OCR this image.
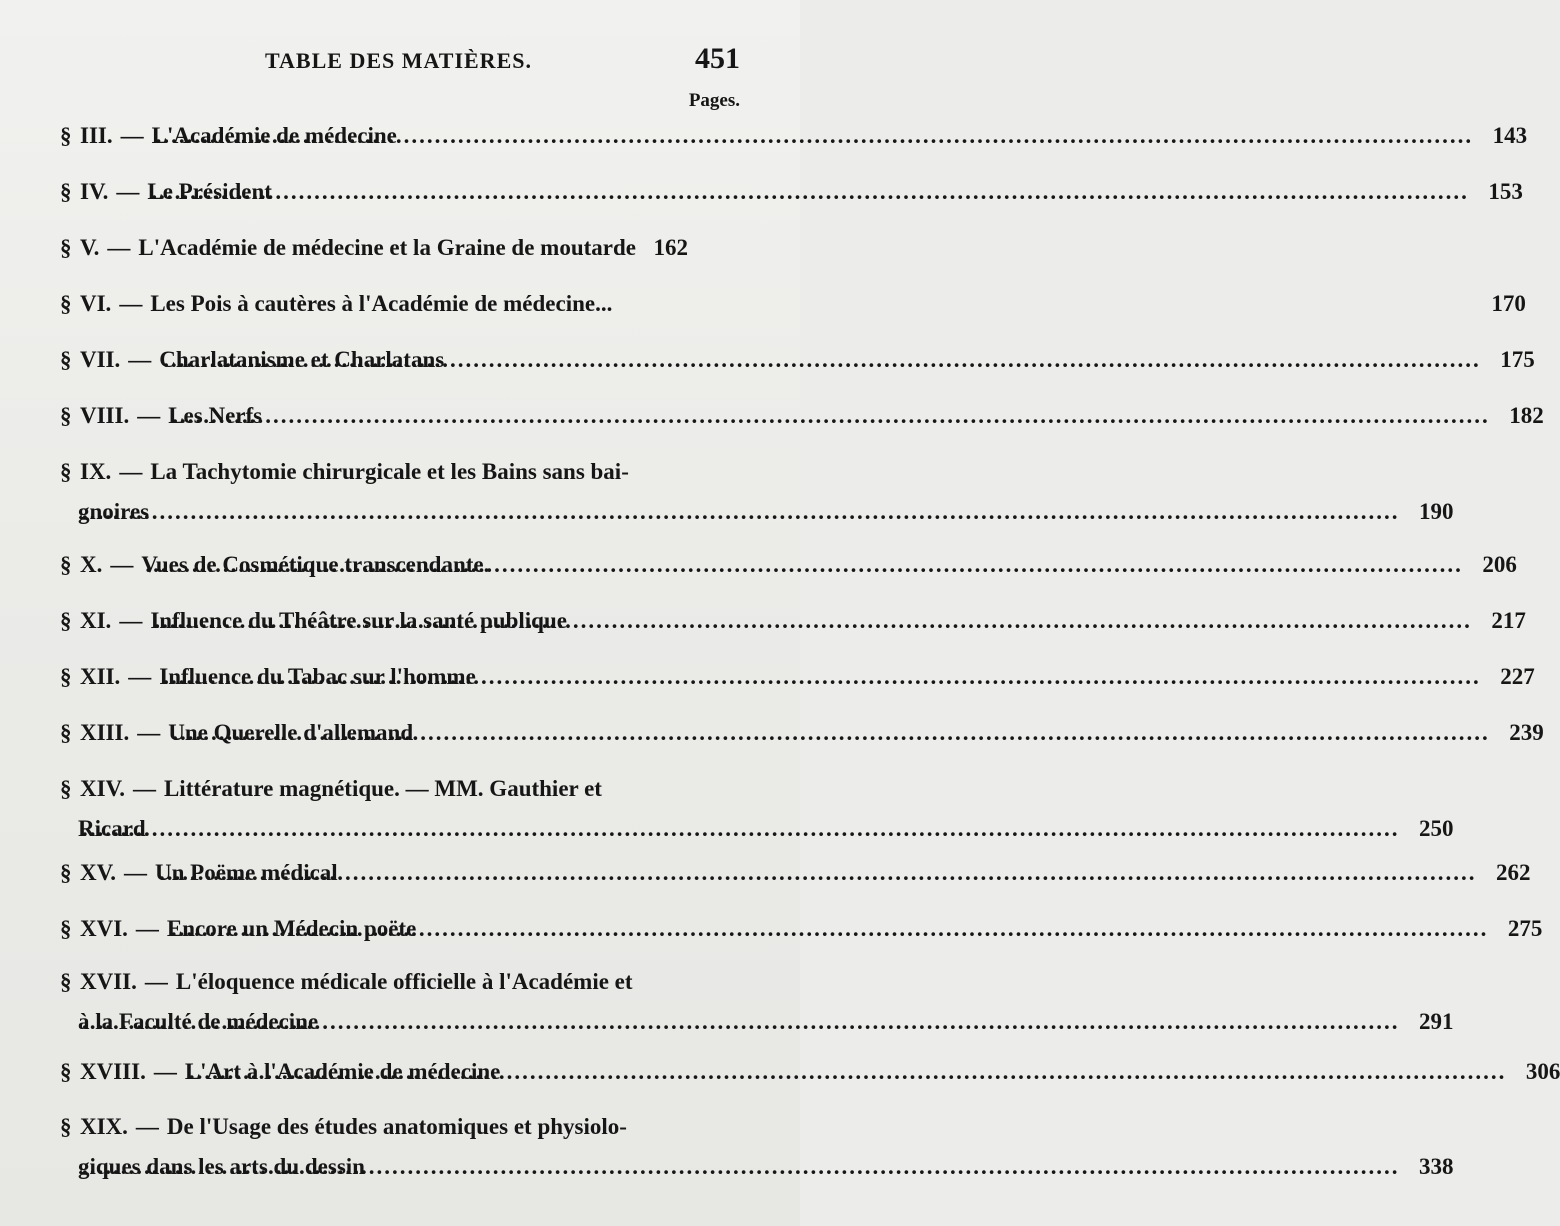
TABLE DES MATIÈRES.	451
Pages.
§ III. — L'Académie de médecine .....	143
§ IV. — Le Président .....	153
§ V. — L'Académie de médecine et la Graine de moutarde 162
§ VI. — Les Pois à cautères à l'Académie de médecine...	170
§ VII. — Charlatanisme et Charlatans .....	175
§ VIII. — Les Nerfs .....	182
§ IX. — La Tachytomie chirurgicale et les Bains sans bai-
gnoires .....	190
§ X. — Vues de Cosmétique transcendante. .....	206
§ XI. — Influence du Théâtre sur la santé publique .....	217
§ XII. — Influence du Tabac sur l'homme .....	227
§ XIII. — Une Querelle d'allemand .....	239
§ XIV. — Littérature magnétique. — MM. Gauthier et
Ricard .....	250
§ XV. — Un Poëme médical .....	262
§ XVI. — Encore un Médecin poëte .....	275
§ XVII. — L'éloquence médicale officielle à l'Académie et
à la Faculté de médecine .....	291
§ XVIII. — L'Art à l'Académie de médecine .....	306
§ XIX. — De l'Usage des études anatomiques et physiolo-
giques dans les arts du dessin .....	338
